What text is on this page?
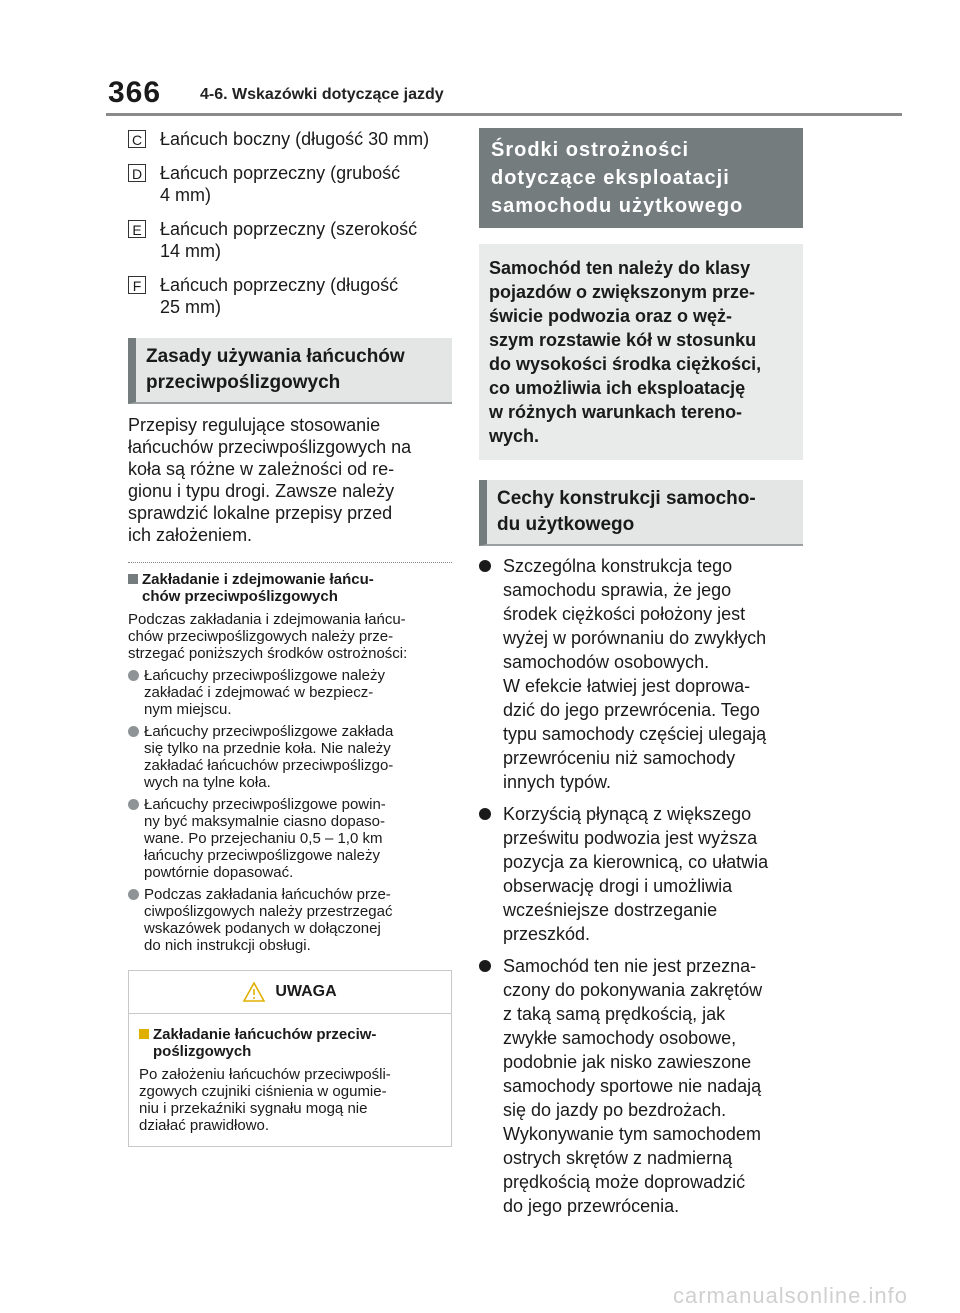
366 4-6. Wskazówki dotyczące jazdy
C Łańcuch boczny (długość 30 mm)
D Łańcuch poprzeczny (grubość
4 mm)
E Łańcuch poprzeczny (szerokość
14 mm)
F Łańcuch poprzeczny (długość
25 mm)
Zasady używania łańcuchów
przeciwpoślizgowych
Przepisy regulujące stosowanie
łańcuchów przeciwpoślizgowych na
koła są różne w zależności od re-
gionu i typu drogi. Zawsze należy
sprawdzić lokalne przepisy przed
ich założeniem.
Zakładanie i zdejmowanie łańcu-
chów przeciwpoślizgowych
Podczas zakładania i zdejmowania łańcu-
chów przeciwpoślizgowych należy prze-
strzegać poniższych środków ostrożności:
Łańcuchy przeciwpoślizgowe należy
zakładać i zdejmować w bezpiecz-
nym miejscu.
Łańcuchy przeciwpoślizgowe zakłada
się tylko na przednie koła. Nie należy
zakładać łańcuchów przeciwpoślizgo-
wych na tylne koła.
Łańcuchy przeciwpoślizgowe powin-
ny być maksymalnie ciasno dopaso-
wane. Po przejechaniu 0,5 – 1,0 km
łańcuchy przeciwpoślizgowe należy
powtórnie dopasować.
Podczas zakładania łańcuchów prze-
ciwpoślizgowych należy przestrzegać
wskazówek podanych w dołączonej
do nich instrukcji obsługi.
UWAGA
Zakładanie łańcuchów przeciw-
poślizgowych
Po założeniu łańcuchów przeciwpośli-
zgowych czujniki ciśnienia w ogumie-
niu i przekaźniki sygnału mogą nie
działać prawidłowo.
Środki ostrożności
dotyczące eksploatacji
samochodu użytkowego
Samochód ten należy do klasy
pojazdów o zwiększonym prze-
świcie podwozia oraz o węż-
szym rozstawie kół w stosunku
do wysokości środka ciężkości,
co umożliwia ich eksploatację
w różnych warunkach tereno-
wych.
Cechy konstrukcji samocho-
du użytkowego
Szczególna konstrukcja tego
samochodu sprawia, że jego
środek ciężkości położony jest
wyżej w porównaniu do zwykłych
samochodów osobowych.
W efekcie łatwiej jest doprowa-
dzić do jego przewrócenia. Tego
typu samochody częściej ulegają
przewróceniu niż samochody
innych typów.
Korzyścią płynącą z większego
prześwitu podwozia jest wyższa
pozycja za kierownicą, co ułatwia
obserwację drogi i umożliwia
wcześniejsze dostrzeganie
przeszkód.
Samochód ten nie jest przezna-
czony do pokonywania zakrętów
z taką samą prędkością, jak
zwykłe samochody osobowe,
podobnie jak nisko zawieszone
samochody sportowe nie nadają
się do jazdy po bezdrożach.
Wykonywanie tym samochodem
ostrych skrętów z nadmierną
prędkością może doprowadzić
do jego przewrócenia.
carmanualsonline.info
